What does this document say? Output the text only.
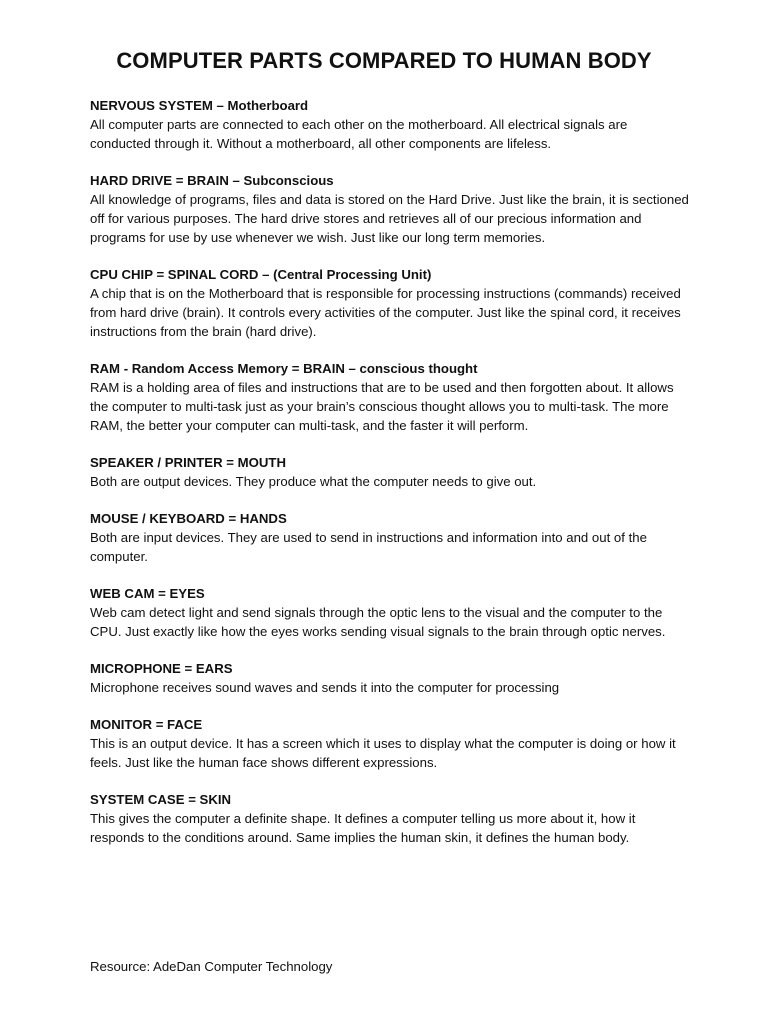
COMPUTER PARTS COMPARED TO HUMAN BODY

NERVOUS SYSTEM – Motherboard

All computer parts are connected to each other on the motherboard. All electrical signals are conducted through it. Without a motherboard, all other components are lifeless.

HARD DRIVE = BRAIN – Subconscious

All knowledge of programs, files and data is stored on the Hard Drive. Just like the brain, it is sectioned off for various purposes. The hard drive stores and retrieves all of our precious information and programs for use by use whenever we wish. Just like our long term memories.

CPU CHIP = SPINAL CORD – (Central Processing Unit)

A chip that is on the Motherboard that is responsible for processing instructions (commands) received from hard drive (brain). It controls every activities of the computer. Just like the spinal cord, it receives instructions from the brain (hard drive).

RAM - Random Access Memory = BRAIN – conscious thought

RAM is a holding area of files and instructions that are to be used and then forgotten about. It allows the computer to multi-task just as your brain’s conscious thought allows you to multi-task. The more RAM, the better your computer can multi-task, and the faster it will perform.

SPEAKER / PRINTER = MOUTH

Both are output devices. They produce what the computer needs to give out.

MOUSE / KEYBOARD = HANDS

Both are input devices. They are used to send in instructions and information into and out of the computer.

WEB CAM = EYES

Web cam detect light and send signals through the optic lens to the visual and the computer to the CPU. Just exactly like how the eyes works sending visual signals to the brain through optic nerves.

MICROPHONE = EARS

Microphone receives sound waves and sends it into the computer for processing

MONITOR = FACE

This is an output device. It has a screen which it uses to display what the computer is doing or how it feels. Just like the human face shows different expressions.

SYSTEM CASE = SKIN

This gives the computer a definite shape. It defines a computer telling us more about it, how it responds to the conditions around. Same implies the human skin, it defines the human body.

Resource: AdeDan Computer Technology
